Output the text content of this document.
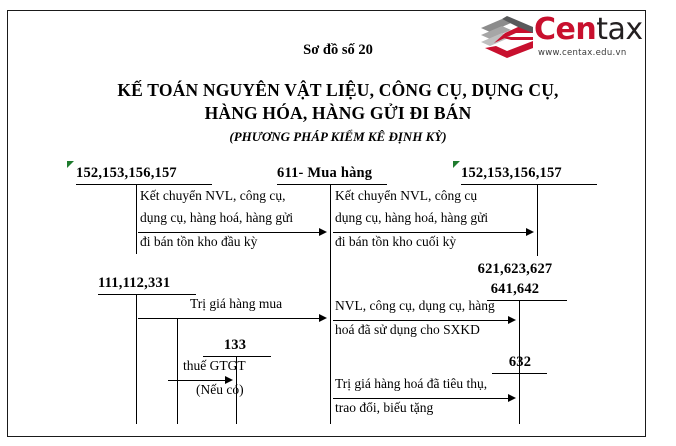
Centax
www.centax.edu.vn
Sơ đồ số 20
KẾ TOÁN NGUYÊN VẬT LIỆU, CÔNG CỤ, DỤNG CỤ,
HÀNG HÓA, HÀNG GỬI ĐI BÁN
(PHƯƠNG PHÁP KIỂM KÊ ĐỊNH KỲ)
152,153,156,157	611- Mua hàng
Kết chuyển NVL, công cụ,
dụng cụ, hàng hoá, hàng gửi
đi bán tồn kho đầu kỳ
152,153,156,157
Kết chuyển NVL, công cụ
dụng cụ, hàng hoá, hàng gửi
đi bán tồn kho cuối kỳ
111,112,331
Trị giá hàng mua
621,623,627
641,642
NVL, công cụ, dụng cụ, hàng
hoá đã sử dụng cho SXKD
133
thuế GTGT
(Nếu có)
632
Trị giá hàng hoá đã tiêu thụ,
trao đổi, biếu tặng
